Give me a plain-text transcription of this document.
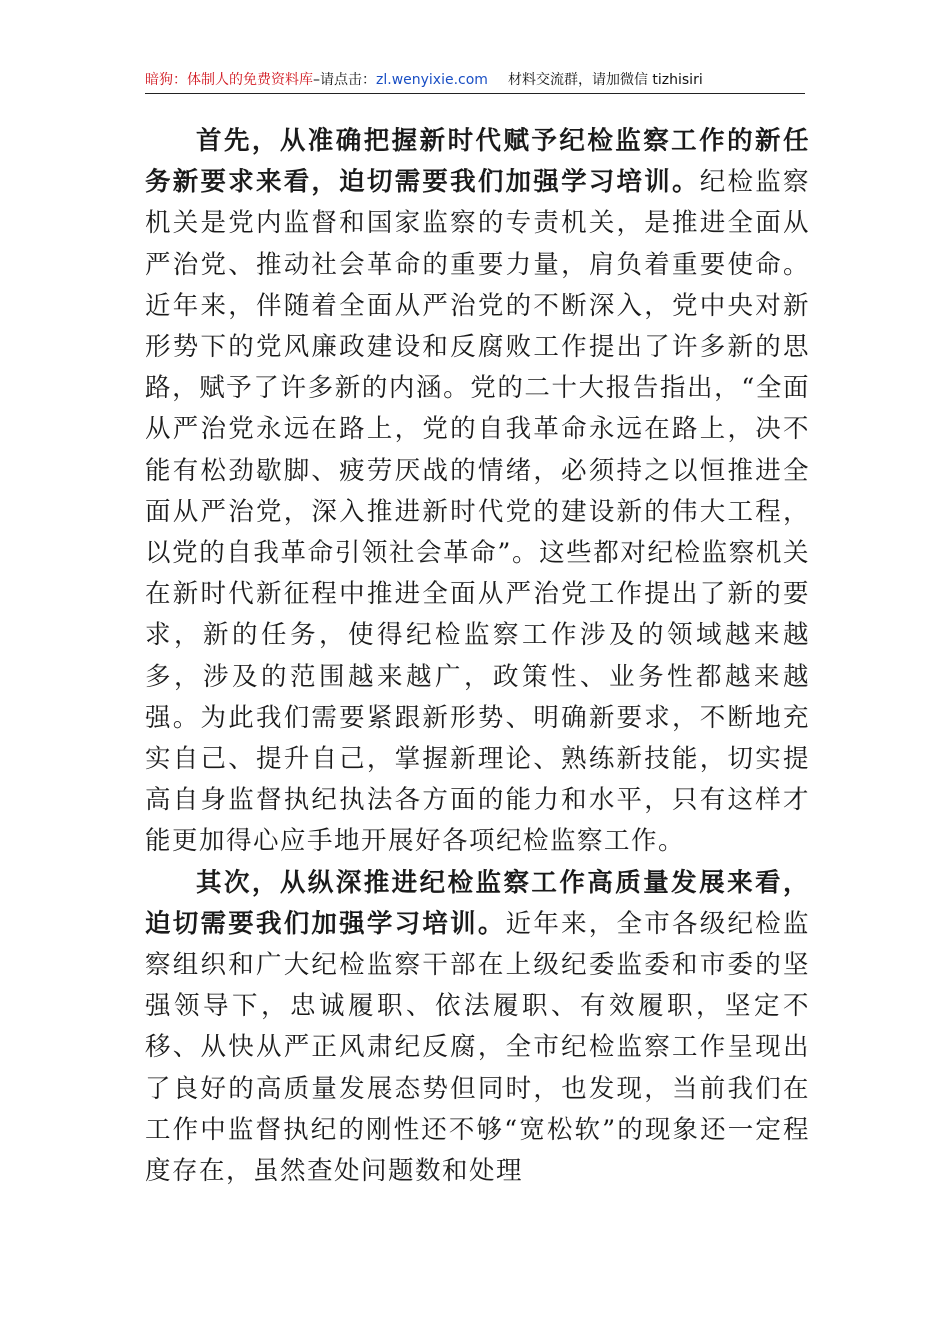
暗狗：体制人的免费资料库 –请点击： zl.wenyixie.com 材料交流群，请加微信 tizhisiri

首先，从准确把握新时代赋予纪检监察工作的新任务新要求来看，迫切需要我们加强学习培训。纪检监察机关是党内监督和国家监察的专责机关，是推进全面从严治党、推动社会革命的重要力量，肩负着重要使命。近年来，伴随着全面从严治党的不断深入，党中央对新形势下的党风廉政建设和反腐败工作提出了许多新的思路，赋予了许多新的内涵。党的二十大报告指出，“全面从严治党永远在路上，党的自我革命永远在路上，决不能有松劲歇脚、疲劳厌战的情绪，必须持之以恒推进全面从严治党，深入推进新时代党的建设新的伟大工程，以党的自我革命引领社会革命”。这些都对纪检监察机关在新时代新征程中推进全面从严治党工作提出了新的要求，新的任务，使得纪检监察工作涉及的领域越来越多，涉及的范围越来越广，政策性、业务性都越来越强。为此我们需要紧跟新形势、明确新要求，不断地充实自己、提升自己，掌握新理论、熟练新技能，切实提高自身监督执纪执法各方面的能力和水平，只有这样才能更加得心应手地开展好各项纪检监察工作。

其次，从纵深推进纪检监察工作高质量发展来看，迫切需要我们加强学习培训。近年来，全市各级纪检监察组织和广大纪检监察干部在上级纪委监委和市委的坚强领导下，忠诚履职、依法履职、有效履职，坚定不移、从快从严正风肃纪反腐，全市纪检监察工作呈现出了良好的高质量发展态势但同时，也发现，当前我们在工作中监督执纪的刚性还不够“宽松软”的现象还一定程度存在，虽然查处问题数和处理
